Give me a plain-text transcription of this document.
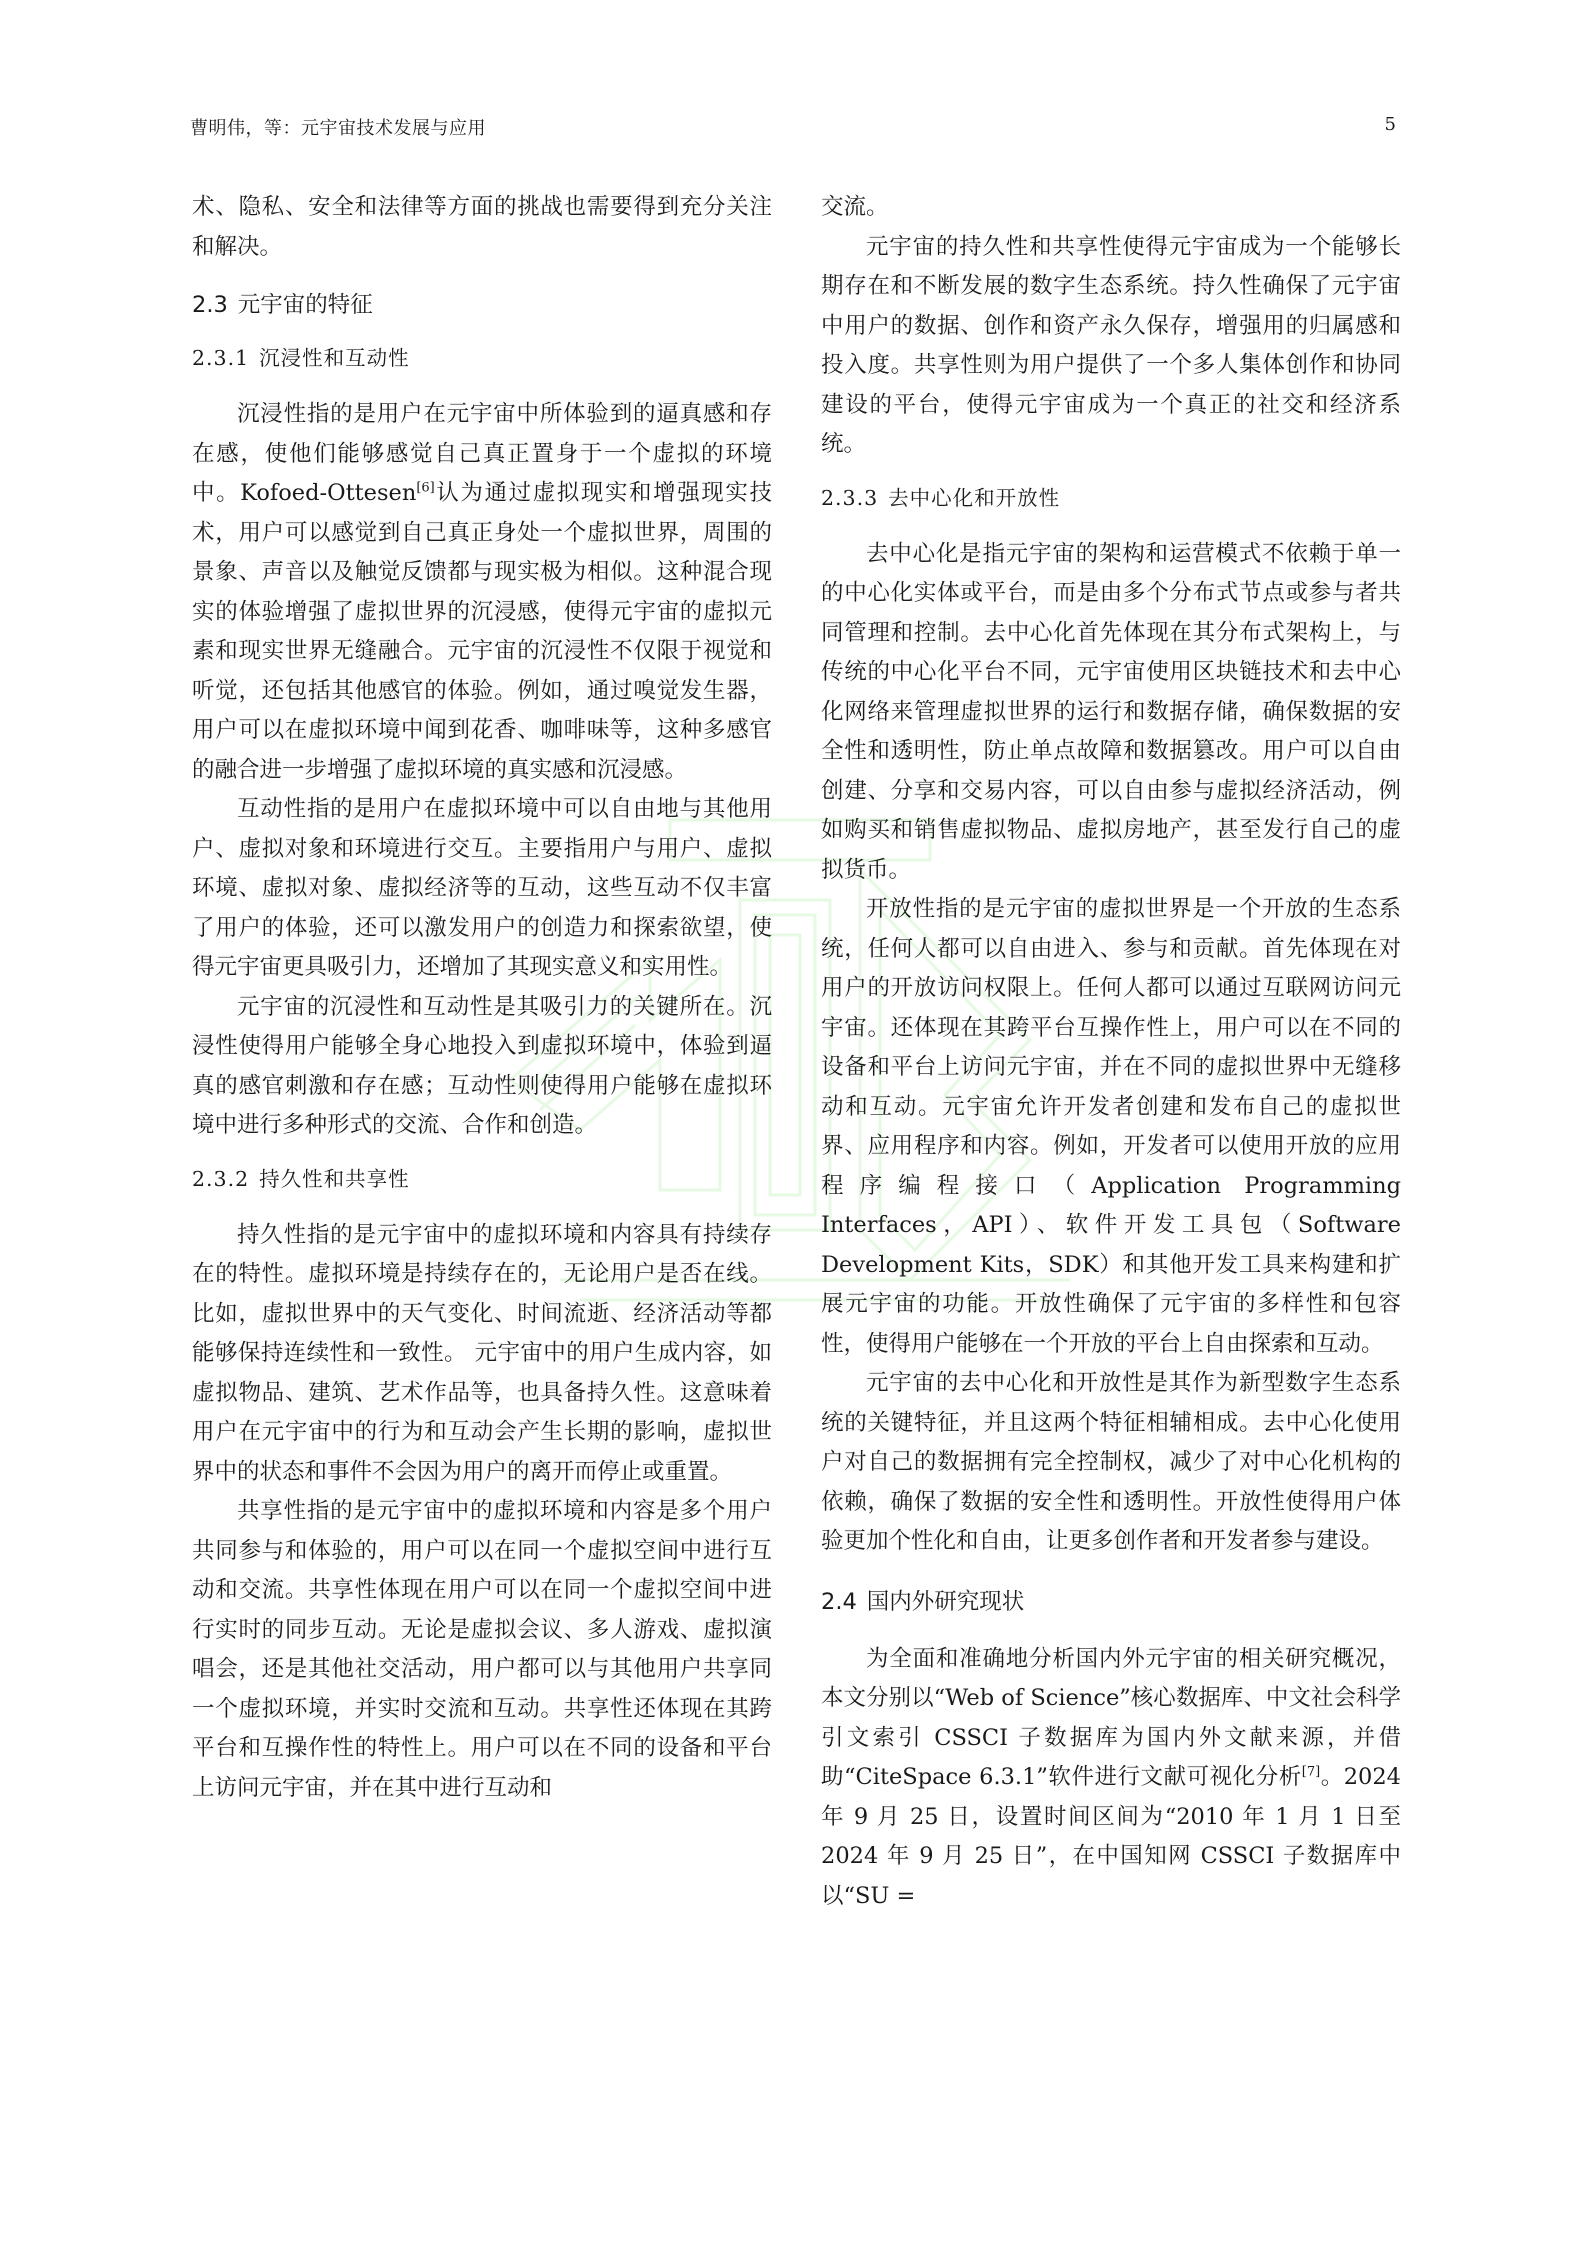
曹明伟，等：元宇宙技术发展与应用	5

术、隐私、安全和法律等方面的挑战也需要得到充分关注和解决。

2.3 元宇宙的特征
2.3.1 沉浸性和互动性

沉浸性指的是用户在元宇宙中所体验到的逼真感和存在感，使他们能够感觉自己真正置身于一个虚拟的环境中。Kofoed-Ottesen[6]认为通过虚拟现实和增强现实技术，用户可以感觉到自己真正身处一个虚拟世界，周围的景象、声音以及触觉反馈都与现实极为相似。这种混合现实的体验增强了虚拟世界的沉浸感，使得元宇宙的虚拟元素和现实世界无缝融合。元宇宙的沉浸性不仅限于视觉和听觉，还包括其他感官的体验。例如，通过嗅觉发生器，用户可以在虚拟环境中闻到花香、咖啡味等，这种多感官的融合进一步增强了虚拟环境的真实感和沉浸感。

互动性指的是用户在虚拟环境中可以自由地与其他用户、虚拟对象和环境进行交互。主要指用户与用户、虚拟环境、虚拟对象、虚拟经济等的互动，这些互动不仅丰富了用户的体验，还可以激发用户的创造力和探索欲望，使得元宇宙更具吸引力，还增加了其现实意义和实用性。

元宇宙的沉浸性和互动性是其吸引力的关键所在。沉浸性使得用户能够全身心地投入到虚拟环境中，体验到逼真的感官刺激和存在感；互动性则使得用户能够在虚拟环境中进行多种形式的交流、合作和创造。

2.3.2 持久性和共享性

持久性指的是元宇宙中的虚拟环境和内容具有持续存在的特性。虚拟环境是持续存在的，无论用户是否在线。比如，虚拟世界中的天气变化、时间流逝、经济活动等都能够保持连续性和一致性。 元宇宙中的用户生成内容，如虚拟物品、建筑、艺术作品等，也具备持久性。这意味着用户在元宇宙中的行为和互动会产生长期的影响，虚拟世界中的状态和事件不会因为用户的离开而停止或重置。

共享性指的是元宇宙中的虚拟环境和内容是多个用户共同参与和体验的，用户可以在同一个虚拟空间中进行互动和交流。共享性体现在用户可以在同一个虚拟空间中进行实时的同步互动。无论是虚拟会议、多人游戏、虚拟演唱会，还是其他社交活动，用户都可以与其他用户共享同一个虚拟环境，并实时交流和互动。共享性还体现在其跨平台和互操作性的特性上。用户可以在不同的设备和平台上访问元宇宙，并在其中进行互动和

交流。

元宇宙的持久性和共享性使得元宇宙成为一个能够长期存在和不断发展的数字生态系统。持久性确保了元宇宙中用户的数据、创作和资产永久保存，增强用的归属感和投入度。共享性则为用户提供了一个多人集体创作和协同建设的平台，使得元宇宙成为一个真正的社交和经济系统。

2.3.3 去中心化和开放性

去中心化是指元宇宙的架构和运营模式不依赖于单一的中心化实体或平台，而是由多个分布式节点或参与者共同管理和控制。去中心化首先体现在其分布式架构上，与传统的中心化平台不同，元宇宙使用区块链技术和去中心化网络来管理虚拟世界的运行和数据存储，确保数据的安全性和透明性，防止单点故障和数据篡改。用户可以自由创建、分享和交易内容，可以自由参与虚拟经济活动，例如购买和销售虚拟物品、虚拟房地产，甚至发行自己的虚拟货币。

开放性指的是元宇宙的虚拟世界是一个开放的生态系统，任何人都可以自由进入、参与和贡献。首先体现在对用户的开放访问权限上。任何人都可以通过互联网访问元宇宙。还体现在其跨平台互操作性上，用户可以在不同的设备和平台上访问元宇宙，并在不同的虚拟世界中无缝移动和互动。元宇宙允许开发者创建和发布自己的虚拟世界、应用程序和内容。例如，开发者可以使用开放的应用程序编程接口（Application Programming Interfaces，API）、软件开发工具包（Software Development Kits，SDK）和其他开发工具来构建和扩展元宇宙的功能。开放性确保了元宇宙的多样性和包容性，使得用户能够在一个开放的平台上自由探索和互动。

元宇宙的去中心化和开放性是其作为新型数字生态系统的关键特征，并且这两个特征相辅相成。去中心化使用户对自己的数据拥有完全控制权，减少了对中心化机构的依赖，确保了数据的安全性和透明性。开放性使得用户体验更加个性化和自由，让更多创作者和开发者参与建设。

2.4 国内外研究现状

为全面和准确地分析国内外元宇宙的相关研究概况，本文分别以“Web of Science”核心数据库、中文社会科学引文索引 CSSCI 子数据库为国内外文献来源，并借助“CiteSpace 6.3.1”软件进行文献可视化分析[7]。2024 年 9 月 25 日，设置时间区间为“2010 年 1 月 1 日至 2024 年 9 月 25 日”，在中国知网 CSSCI 子数据库中以“SU =
